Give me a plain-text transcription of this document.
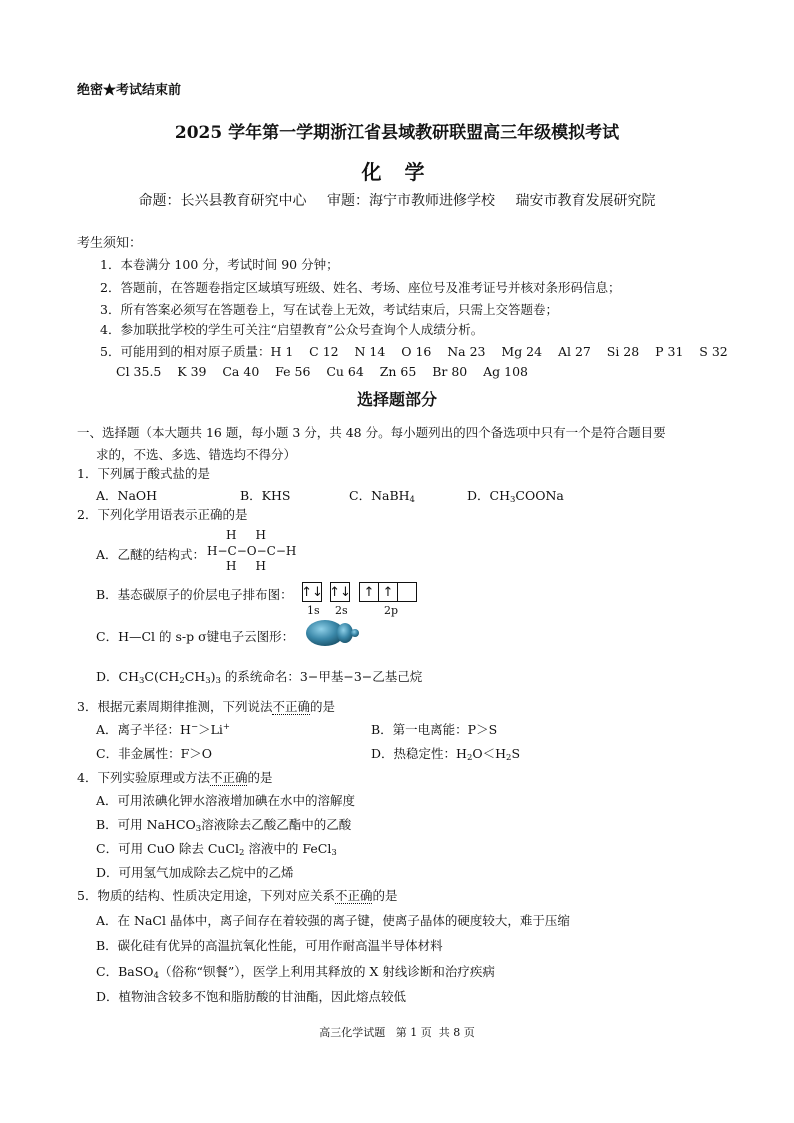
绝密★考试结束前
2025 学年第一学期浙江省县域教研联盟高三年级模拟考试
化 学
命题：长兴县教育研究中心 审题：海宁市教师进修学校 瑞安市教育发展研究院
考生须知：
1．本卷满分 100 分，考试时间 90 分钟；
2．答题前，在答题卷指定区域填写班级、姓名、考场、座位号及准考证号并核对条形码信息；
3．所有答案必须写在答题卷上，写在试卷上无效，考试结束后，只需上交答题卷；
4．参加联批学校的学生可关注“启望教育”公众号查询个人成绩分析。
5．可能用到的相对原子质量：H 1    C 12    N 14    O 16    Na 23    Mg 24    Al 27    Si 28    P 31    S 32
Cl 35.5    K 39    Ca 40    Fe 56    Cu 64    Zn 65    Br 80    Ag 108
选择题部分
一、选择题（本大题共 16 题，每小题 3 分，共 48 分。每小题列出的四个备选项中只有一个是符合题目要
求的，不选、多选、错选均不得分）
1．下列属于酸式盐的是
A．NaOH	B．KHS	C．NaBH$_4$	D．$CH_3COONa$
2．下列化学用语表示正确的是
A．乙醚的结构式：
H     H
H−C−O−C−H
H     H
B．基态碳原子的价层电子排布图： ↑↓ ↑↓ ↑ ↑
1s 2s	2p
C．H—Cl 的 s-p σ键电子云图形：
D．$CH_3C(CH_2CH_3)_3$ 的系统命名：3−甲基−3−乙基己烷
3．根据元素周期律推测，下列说法不正确的是
A．离子半径：H−＞Li+	B．第一电离能：P＞S
C．非金属性：F＞O	D．热稳定性：$H_2O<H_2S$
4．下列实验原理或方法不正确的是
A．可用浓碘化钾水溶液增加碘在水中的溶解度
B．可用 NaHCO$_3$溶液除去乙酸乙酯中的乙酸
C．可用 CuO 除去 CuCl$_2$ 溶液中的 FeCl$_3$
D．可用氢气加成除去乙烷中的乙烯
5．物质的结构、性质决定用途，下列对应关系不正确的是
A．在 NaCl 晶体中，离子间存在着较强的离子键，使离子晶体的硬度较大，难于压缩
B．碳化硅有优异的高温抗氧化性能，可用作耐高温半导体材料
C．BaSO$_4$（俗称“钡餐”），医学上利用其释放的 X 射线诊断和治疗疾病
D．植物油含较多不饱和脂肪酸的甘油酯，因此熔点较低
高三化学试题   第 1 页  共 8 页
